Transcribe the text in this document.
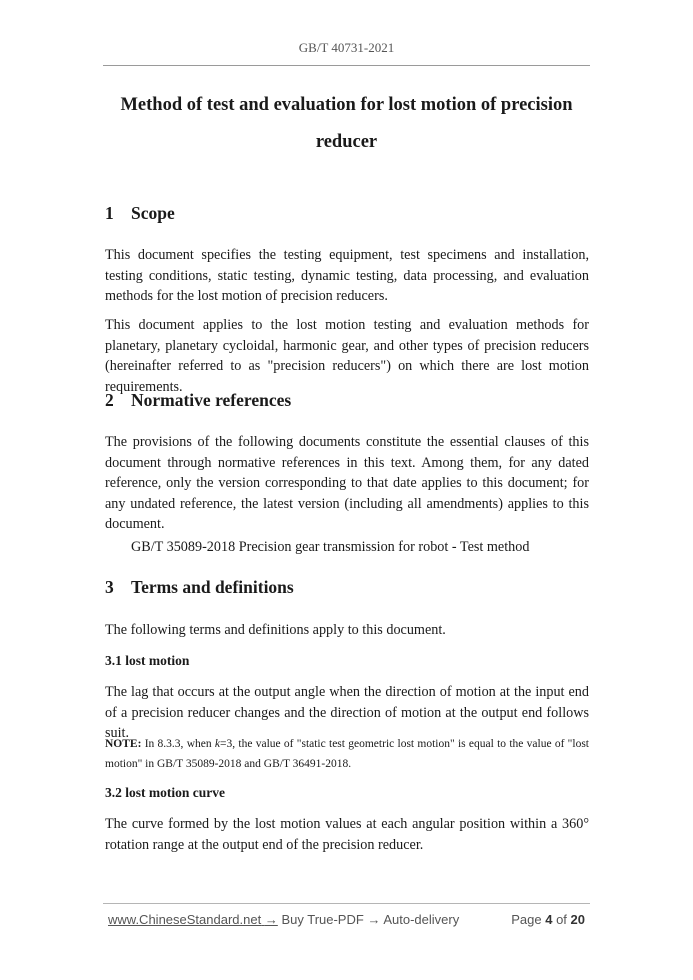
GB/T 40731-2021
Method of test and evaluation for lost motion of precision
reducer
1 Scope
This document specifies the testing equipment, test specimens and installation, testing conditions, static testing, dynamic testing, data processing, and evaluation methods for the lost motion of precision reducers.
This document applies to the lost motion testing and evaluation methods for planetary, planetary cycloidal, harmonic gear, and other types of precision reducers (hereinafter referred to as "precision reducers") on which there are lost motion requirements.
2 Normative references
The provisions of the following documents constitute the essential clauses of this document through normative references in this text. Among them, for any dated reference, only the version corresponding to that date applies to this document; for any undated reference, the latest version (including all amendments) applies to this document.
GB/T 35089-2018 Precision gear transmission for robot - Test method
3 Terms and definitions
The following terms and definitions apply to this document.
3.1 lost motion
The lag that occurs at the output angle when the direction of motion at the input end of a precision reducer changes and the direction of motion at the output end follows suit.
NOTE: In 8.3.3, when k=3, the value of "static test geometric lost motion" is equal to the value of "lost motion" in GB/T 35089-2018 and GB/T 36491-2018.
3.2 lost motion curve
The curve formed by the lost motion values at each angular position within a 360° rotation range at the output end of the precision reducer.
www.ChineseStandard.net → Buy True-PDF → Auto-delivery	Page 4 of 20
